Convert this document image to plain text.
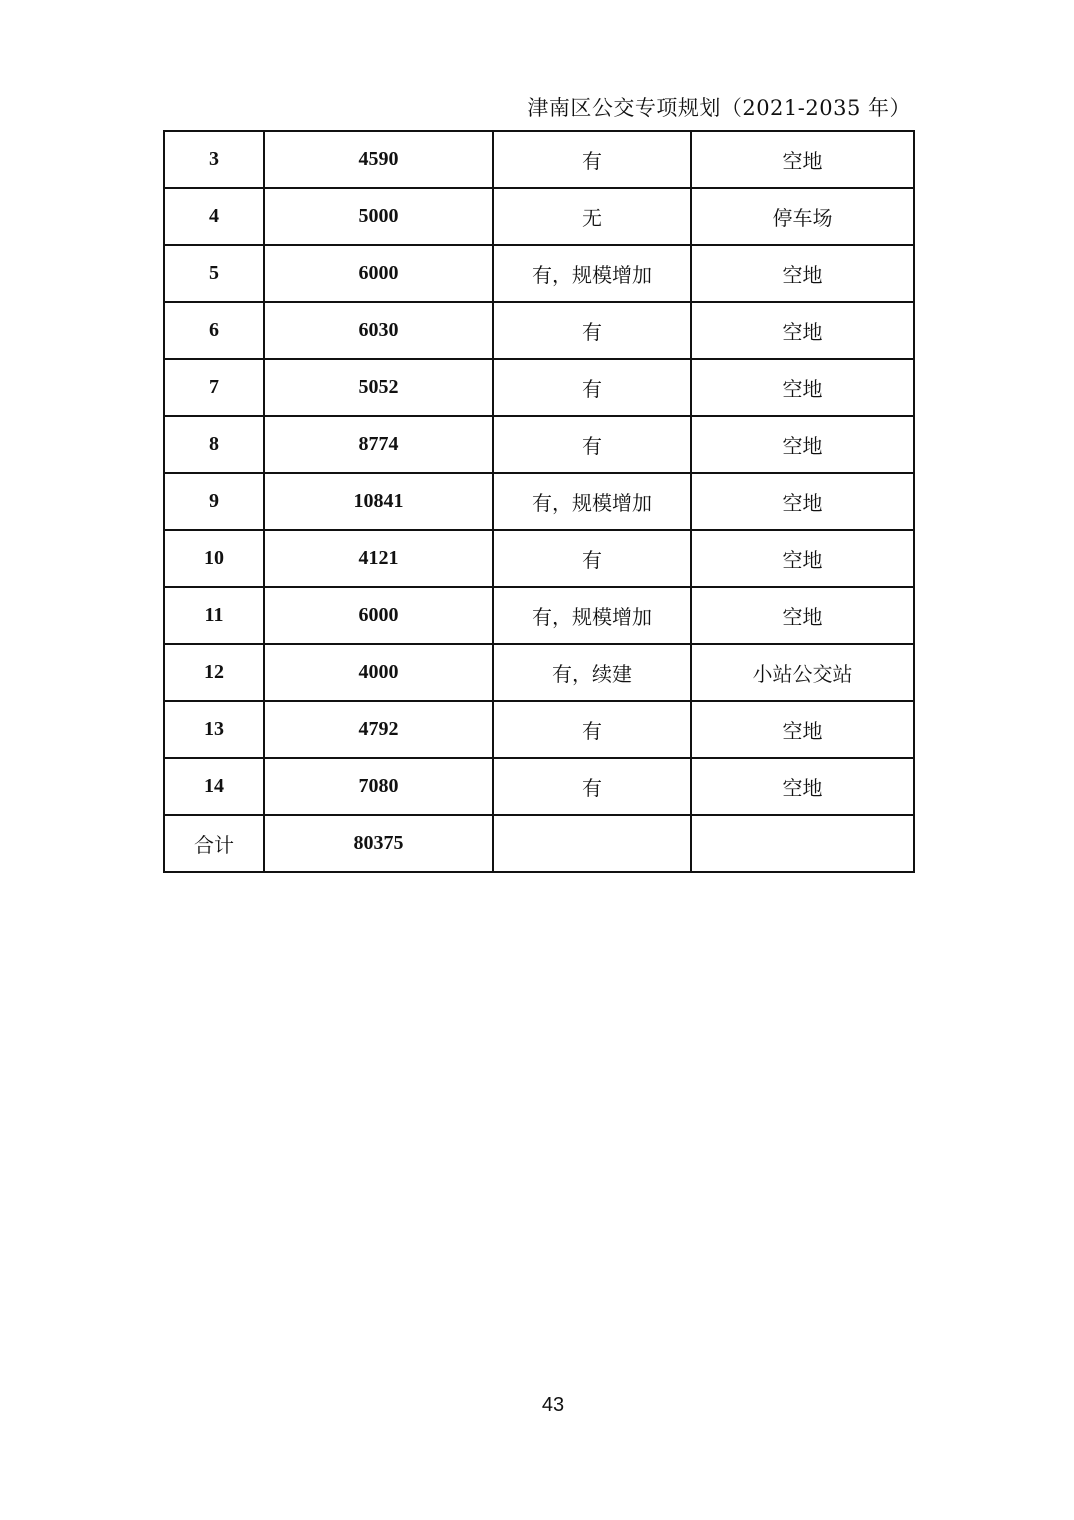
津南区公交专项规划（2021-2035 年）
3	4590	有	空地
4	5000	无	停车场
5	6000	有，规模增加	空地
6	6030	有	空地
7	5052	有	空地
8	8774	有	空地
9	10841	有，规模增加	空地
10	4121	有	空地
11	6000	有，规模增加	空地
12	4000	有，续建	小站公交站
13	4792	有	空地
14	7080	有	空地
合计	80375		
43
